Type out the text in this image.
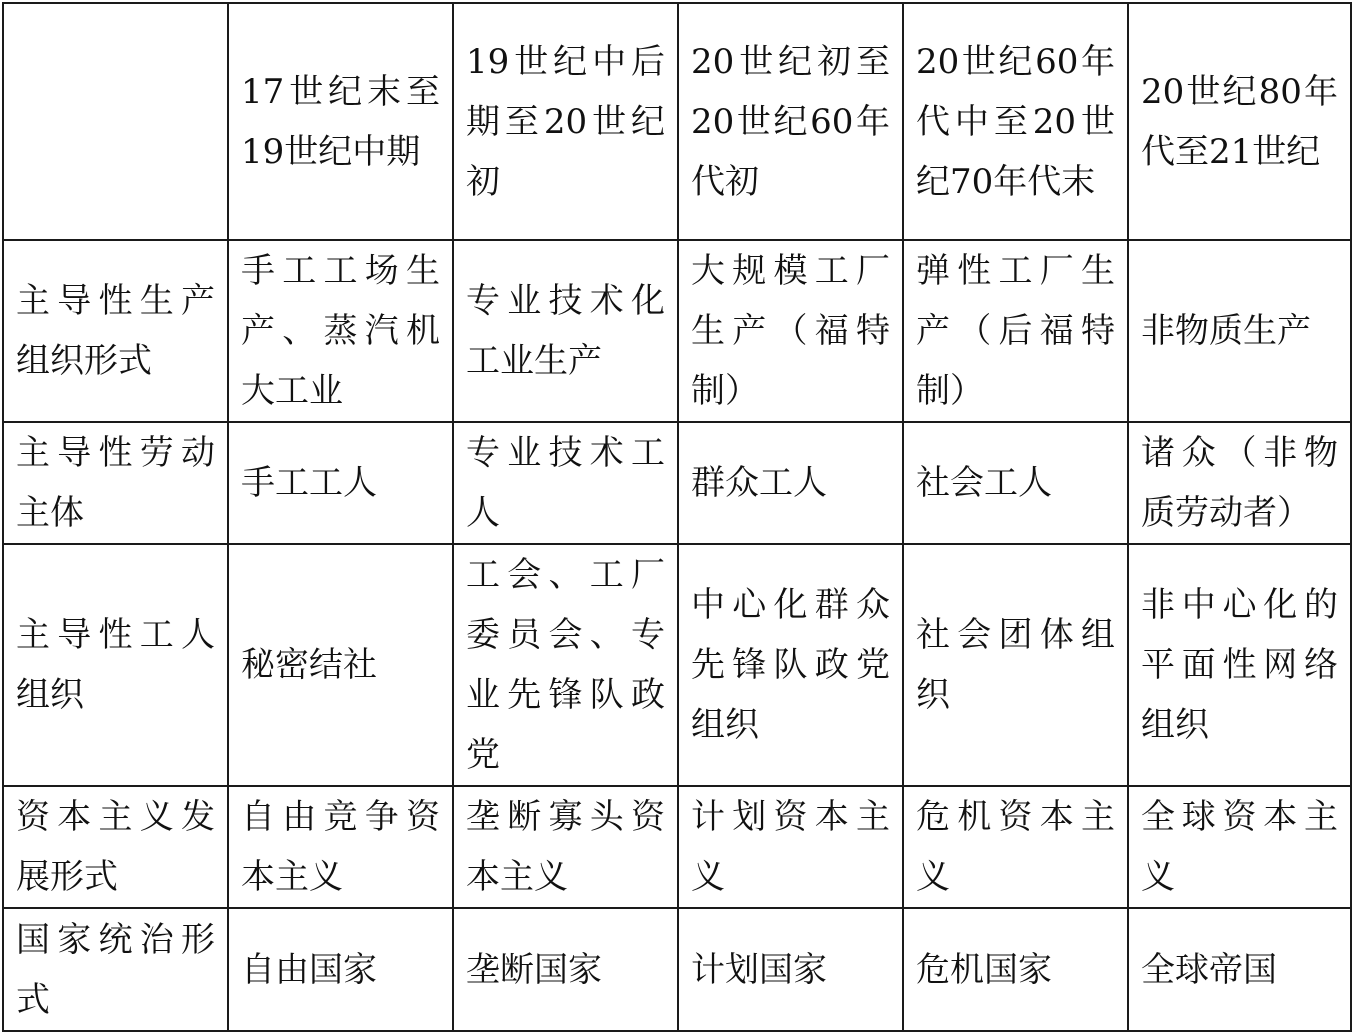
	17世纪末至19世纪中期	19世纪中后期至20世纪初	20世纪初至20世纪60年代初	20世纪60年代中至20世纪70年代末	20世纪80年代至21世纪
主导性生产组织形式	手工工场生产、蒸汽机大工业	专业技术化工业生产	大规模工厂生产（福特制）	弹性工厂生产（后福特制）	非物质生产
主导性劳动主体	手工工人	专业技术工人	群众工人	社会工人	诸众（非物质劳动者）
主导性工人组织	秘密结社	工会、工厂委员会、专业先锋队政党	中心化群众先锋队政党组织	社会团体组织	非中心化的平面性网络组织
资本主义发展形式	自由竞争资本主义	垄断寡头资本主义	计划资本主义	危机资本主义	全球资本主义
国家统治形式	自由国家	垄断国家	计划国家	危机国家	全球帝国
